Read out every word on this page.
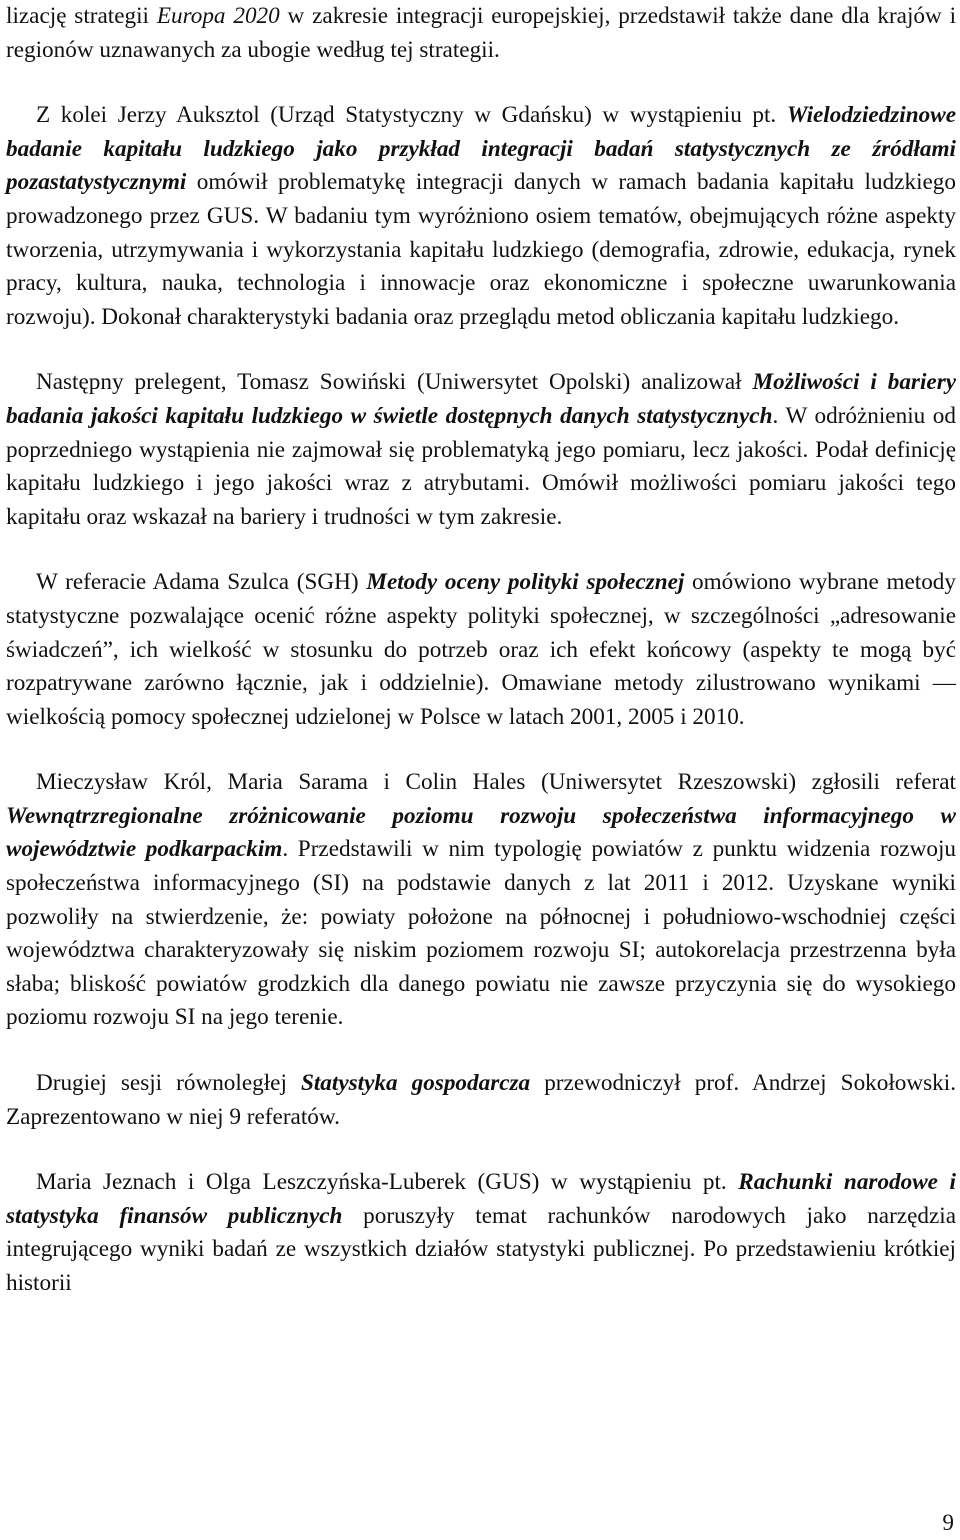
lizację strategii Europa 2020 w zakresie integracji europejskiej, przedstawił także dane dla krajów i regionów uznawanych za ubogie według tej strategii.

Z kolei Jerzy Auksztol (Urząd Statystyczny w Gdańsku) w wystąpieniu pt. Wielodziedzinowe badanie kapitału ludzkiego jako przykład integracji badań statystycznych ze źródłami pozastatystycznymi omówił problematykę integracji danych w ramach badania kapitału ludzkiego prowadzonego przez GUS. W badaniu tym wyróżniono osiem tematów, obejmujących różne aspekty tworzenia, utrzymywania i wykorzystania kapitału ludzkiego (demografia, zdrowie, edukacja, rynek pracy, kultura, nauka, technologia i innowacje oraz ekonomiczne i społeczne uwarunkowania rozwoju). Dokonał charakterystyki badania oraz przeglądu metod obliczania kapitału ludzkiego.

Następny prelegent, Tomasz Sowiński (Uniwersytet Opolski) analizował Możliwości i bariery badania jakości kapitału ludzkiego w świetle dostępnych danych statystycznych. W odróżnieniu od poprzedniego wystąpienia nie zajmował się problematyką jego pomiaru, lecz jakości. Podał definicję kapitału ludzkiego i jego jakości wraz z atrybutami. Omówił możliwości pomiaru jakości tego kapitału oraz wskazał na bariery i trudności w tym zakresie.

W referacie Adama Szulca (SGH) Metody oceny polityki społecznej omówiono wybrane metody statystyczne pozwalające ocenić różne aspekty polityki społecznej, w szczególności „adresowanie świadczeń”, ich wielkość w stosunku do potrzeb oraz ich efekt końcowy (aspekty te mogą być rozpatrywane zarówno łącznie, jak i oddzielnie). Omawiane metody zilustrowano wynikami — wielkością pomocy społecznej udzielonej w Polsce w latach 2001, 2005 i 2010.

Mieczysław Król, Maria Sarama i Colin Hales (Uniwersytet Rzeszowski) zgłosili referat Wewnątrzregionalne zróżnicowanie poziomu rozwoju społeczeństwa informacyjnego w województwie podkarpackim. Przedstawili w nim typologię powiatów z punktu widzenia rozwoju społeczeństwa informacyjnego (SI) na podstawie danych z lat 2011 i 2012. Uzyskane wyniki pozwoliły na stwierdzenie, że: powiaty położone na północnej i południowo-wschodniej części województwa charakteryzowały się niskim poziomem rozwoju SI; autokorelacja przestrzenna była słaba; bliskość powiatów grodzkich dla danego powiatu nie zawsze przyczynia się do wysokiego poziomu rozwoju SI na jego terenie.

Drugiej sesji równoległej Statystyka gospodarcza przewodniczył prof. Andrzej Sokołowski. Zaprezentowano w niej 9 referatów.

Maria Jeznach i Olga Leszczyńska-Luberek (GUS) w wystąpieniu pt. Rachunki narodowe i statystyka finansów publicznych poruszyły temat rachunków narodowych jako narzędzia integrującego wyniki badań ze wszystkich działów statystyki publicznej. Po przedstawieniu krótkiej historii

9
